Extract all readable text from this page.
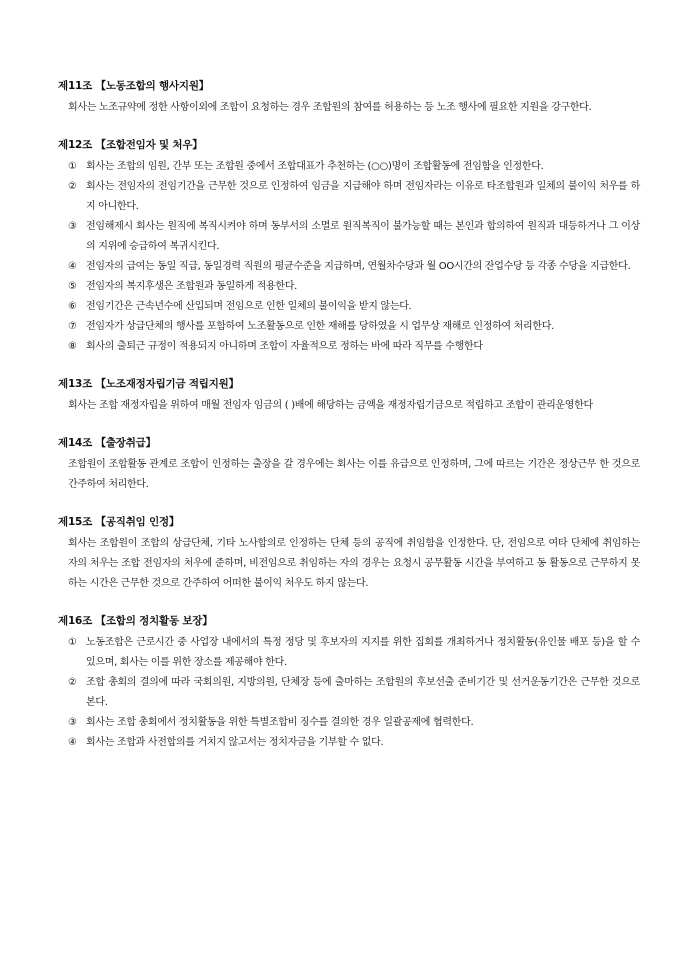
제11조 【노동조합의 행사지원】

회사는 노조규약에 정한 사항이외에 조합이 요청하는 경우 조합원의 참여를 허용하는 등 노조 행사에 필요한 지원을 강구한다.

제12조 【조합전임자 및 처우】
① 회사는 조합의 임원, 간부 또는 조합원 중에서 조합대표가 추천하는 (○○)명이 조합활동에 전임함을 인정한다.
② 회사는 전임자의 전임기간을 근무한 것으로 인정하여 임금을 지급해야 하며 전임자라는 이유로 타조합원과 일체의 불이익 처우를 하지 아니한다.
③ 전임해제시 회사는 원직에 복직시켜야 하며 동부서의 소멸로 원직복직이 불가능할 때는 본인과 합의하여 원직과 대등하거나 그 이상의 지위에 승급하여 복귀시킨다.
④ 전임자의 급여는 동일 직급, 동일경력 직원의 평균수준을 지급하며, 연월차수당과 월 OO시간의 잔업수당 등 각종 수당을 지급한다.
⑤ 전임자의 복지후생은 조합원과 동일하게 적용한다.
⑥ 전임기간은 근속년수에 산입되며 전임으로 인한 일체의 불이익을 받지 않는다.
⑦ 전임자가 상급단체의 행사를 포함하여 노조활동으로 인한 재해를 당하였을 시 업무상 재해로 인정하여 처리한다.
⑧ 회사의 출퇴근 규정이 적용되지 아니하며 조합이 자율적으로 정하는 바에 따라 직무를 수행한다
제13조 【노조재정자립기금 적립지원】

회사는 조합 재정자립을 위하여 매월 전임자 임금의 ( )배에 해당하는 금액을 재정자립기금으로 적립하고 조합이 관리운영한다

제14조 【출장취급】

조합원이 조합활동 관계로 조합이 인정하는 출장을 갈 경우에는 회사는 이를 유급으로 인정하며, 그에 따르는 기간은 정상근무 한 것으로 간주하여 처리한다.

제15조 【공직취임 인정】

회사는 조합원이 조합의 상급단체, 기타 노사합의로 인정하는 단체 등의 공직에 취임함을 인정한다. 단, 전임으로 여타 단체에 취임하는 자의 처우는 조합 전임자의 처우에 준하며, 비전임으로 취임하는 자의 경우는 요청시 공무활동 시간을 부여하고 동 활동으로 근무하지 못하는 시간은 근무한 것으로 간주하여 어떠한 불이익 처우도 하지 않는다.

제16조 【조합의 정치활동 보장】
① 노동조합은 근로시간 중 사업장 내에서의 특정 정당 및 후보자의 지지를 위한 집회를 개최하거나 정치활동(유인물 배포 등)을 할 수 있으며, 회사는 이를 위한 장소를 제공해야 한다.
② 조합 총회의 결의에 따라 국회의원, 지방의원, 단체장 등에 출마하는 조합원의 후보선출 준비기간 및 선거운동기간은 근무한 것으로 본다.
③ 회사는 조합 총회에서 정치활동을 위한 특별조합비 징수를 결의한 경우 일괄공제에 협력한다.
④ 회사는 조합과 사전합의를 거치지 않고서는 정치자금을 기부할 수 없다.
